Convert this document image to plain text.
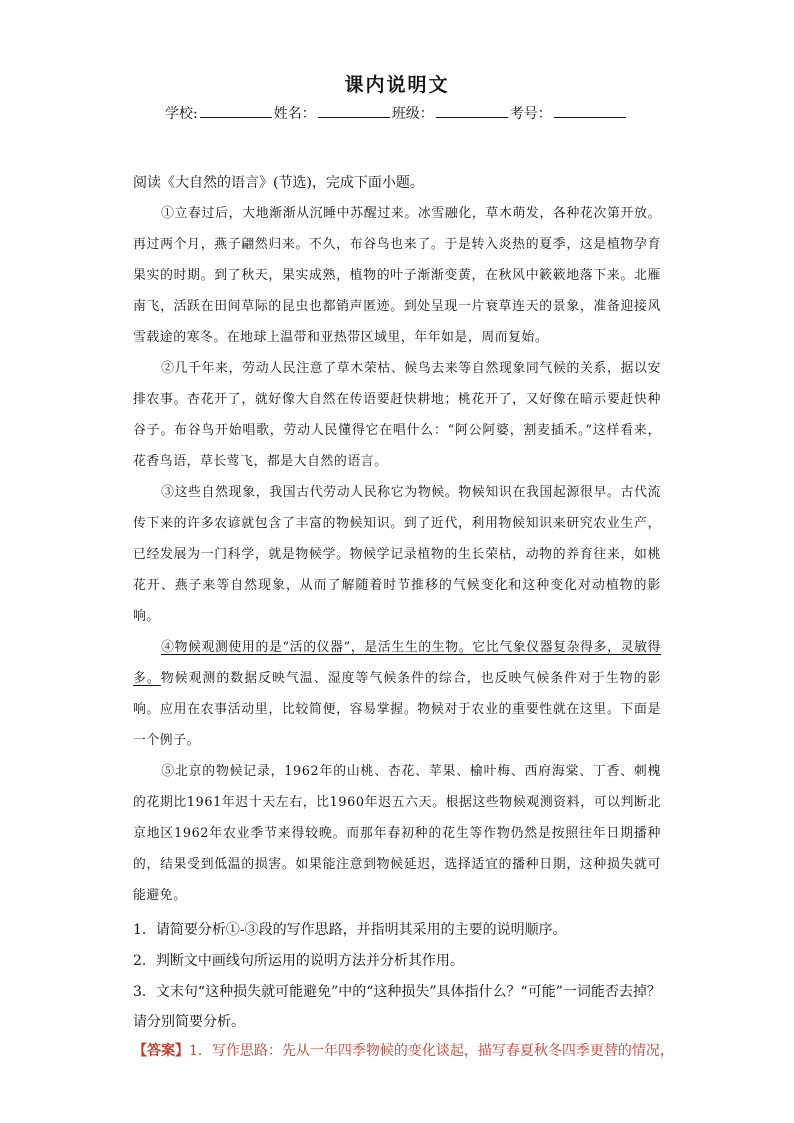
课内说明文
学校:	姓名：	班级：	考号：
阅读《大自然的语言》(节选)，完成下面小题。
①立春过后，大地渐渐从沉睡中苏醒过来。冰雪融化，草木萌发，各种花次第开放。再过两个月，燕子翩然归来。不久，布谷鸟也来了。于是转入炎热的夏季，这是植物孕育果实的时期。到了秋天，果实成熟，植物的叶子渐渐变黄，在秋风中簌簌地落下来。北雁南飞，活跃在田间草际的昆虫也都销声匿迹。到处呈现一片衰草连天的景象，准备迎接风雪载途的寒冬。在地球上温带和亚热带区域里，年年如是，周而复始。
②几千年来，劳动人民注意了草木荣枯、候鸟去来等自然现象同气候的关系，据以安排农事。杏花开了，就好像大自然在传语要赶快耕地；桃花开了，又好像在暗示要赶快种谷子。布谷鸟开始唱歌，劳动人民懂得它在唱什么：“阿公阿婆，割麦插禾。”这样看来，花香鸟语，草长莺飞，都是大自然的语言。
③这些自然现象，我国古代劳动人民称它为物候。物候知识在我国起源很早。古代流传下来的许多农谚就包含了丰富的物候知识。到了近代，利用物候知识来研究农业生产，已经发展为一门科学，就是物候学。物候学记录植物的生长荣枯，动物的养育往来，如桃花开、燕子来等自然现象，从而了解随着时节推移的气候变化和这种变化对动植物的影响。
④物候观测使用的是“活的仪器”，是活生生的生物。它比气象仪器复杂得多，灵敏得多。物候观测的数据反映气温、湿度等气候条件的综合，也反映气候条件对于生物的影响。应用在农事活动里，比较简便，容易掌握。物候对于农业的重要性就在这里。下面是一个例子。
⑤北京的物候记录，1962年的山桃、杏花、苹果、榆叶梅、西府海棠、丁香、刺槐的花期比1961年迟十天左右，比1960年迟五六天。根据这些物候观测资料，可以判断北京地区1962年农业季节来得较晚。而那年春初种的花生等作物仍然是按照往年日期播种的，结果受到低温的损害。如果能注意到物候延迟，选择适宜的播种日期，这种损失就可能避免。
1．请简要分析①-③段的写作思路，并指明其采用的主要的说明顺序。
2．判断文中画线句所运用的说明方法并分析其作用。
3．文末句“这种损失就可能避免”中的“这种损失”具体指什么？“可能”一词能否去掉？请分别简要分析。
【答案】1．写作思路：先从一年四季物候的变化谈起，描写春夏秋冬四季更替的情况，
